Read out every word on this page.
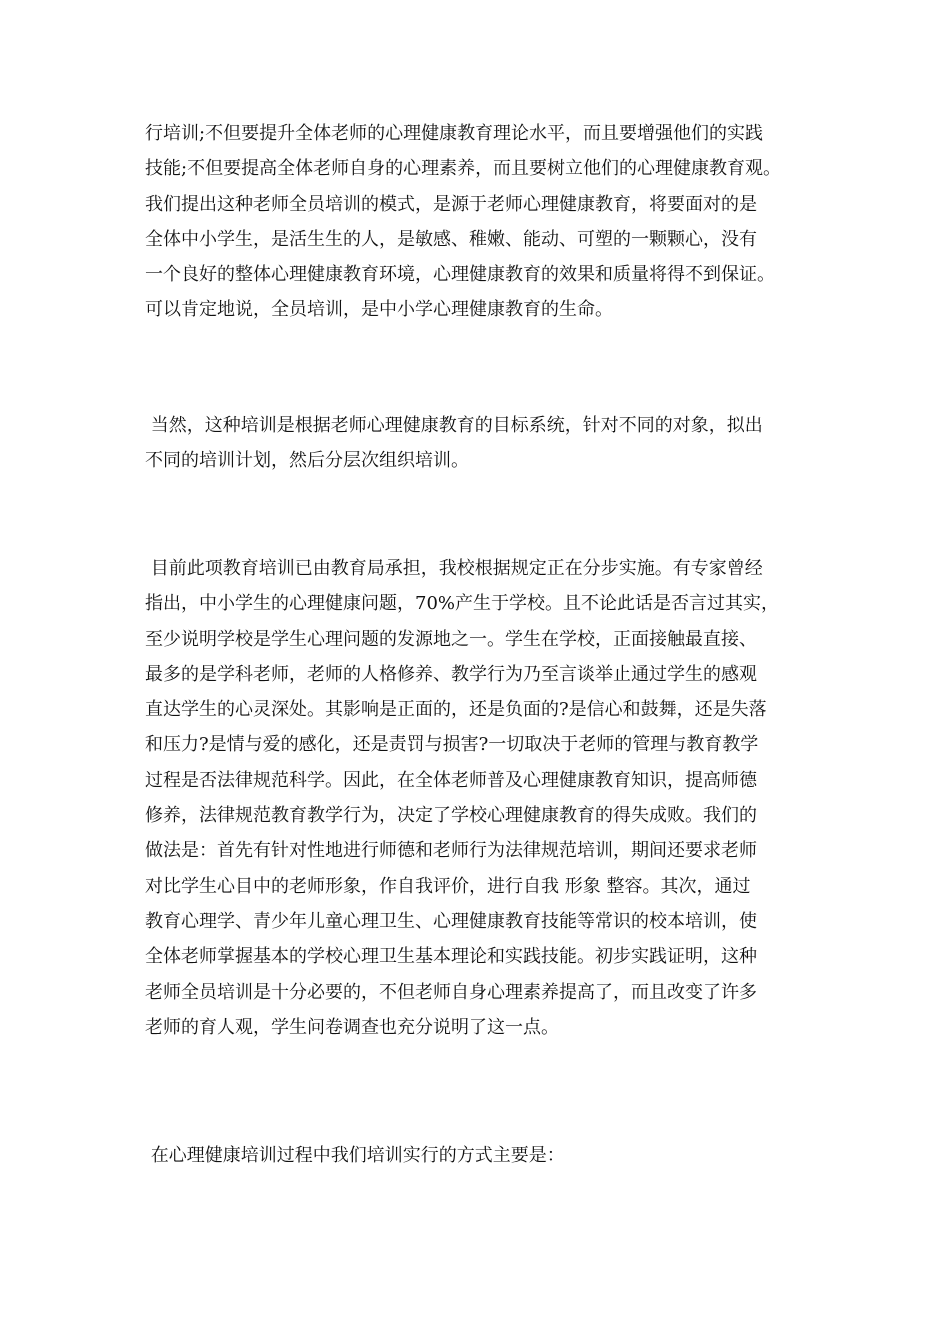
行培训;不但要提升全体老师的心理健康教育理论水平，而且要增强他们的实践
技能;不但要提高全体老师自身的心理素养，而且要树立他们的心理健康教育观。
我们提出这种老师全员培训的模式，是源于老师心理健康教育，将要面对的是
全体中小学生，是活生生的人，是敏感、稚嫩、能动、可塑的一颗颗心，没有
一个良好的整体心理健康教育环境，心理健康教育的效果和质量将得不到保证。
可以肯定地说，全员培训，是中小学心理健康教育的生命。
当然，这种培训是根据老师心理健康教育的目标系统，针对不同的对象，拟出
不同的培训计划，然后分层次组织培训。
目前此项教育培训已由教育局承担，我校根据规定正在分步实施。有专家曾经
指出，中小学生的心理健康问题，70%产生于学校。且不论此话是否言过其实，
至少说明学校是学生心理问题的发源地之一。学生在学校，正面接触最直接、
最多的是学科老师，老师的人格修养、教学行为乃至言谈举止通过学生的感观
直达学生的心灵深处。其影响是正面的，还是负面的?是信心和鼓舞，还是失落
和压力?是情与爱的感化，还是责罚与损害?一切取决于老师的管理与教育教学
过程是否法律规范科学。因此，在全体老师普及心理健康教育知识，提高师德
修养，法律规范教育教学行为，决定了学校心理健康教育的得失成败。我们的
做法是：首先有针对性地进行师德和老师行为法律规范培训，期间还要求老师
对比学生心目中的老师形象，作自我评价，进行自我 形象 整容。其次，通过
教育心理学、青少年儿童心理卫生、心理健康教育技能等常识的校本培训，使
全体老师掌握基本的学校心理卫生基本理论和实践技能。初步实践证明，这种
老师全员培训是十分必要的，不但老师自身心理素养提高了，而且改变了许多
老师的育人观，学生问卷调查也充分说明了这一点。
在心理健康培训过程中我们培训实行的方式主要是：
